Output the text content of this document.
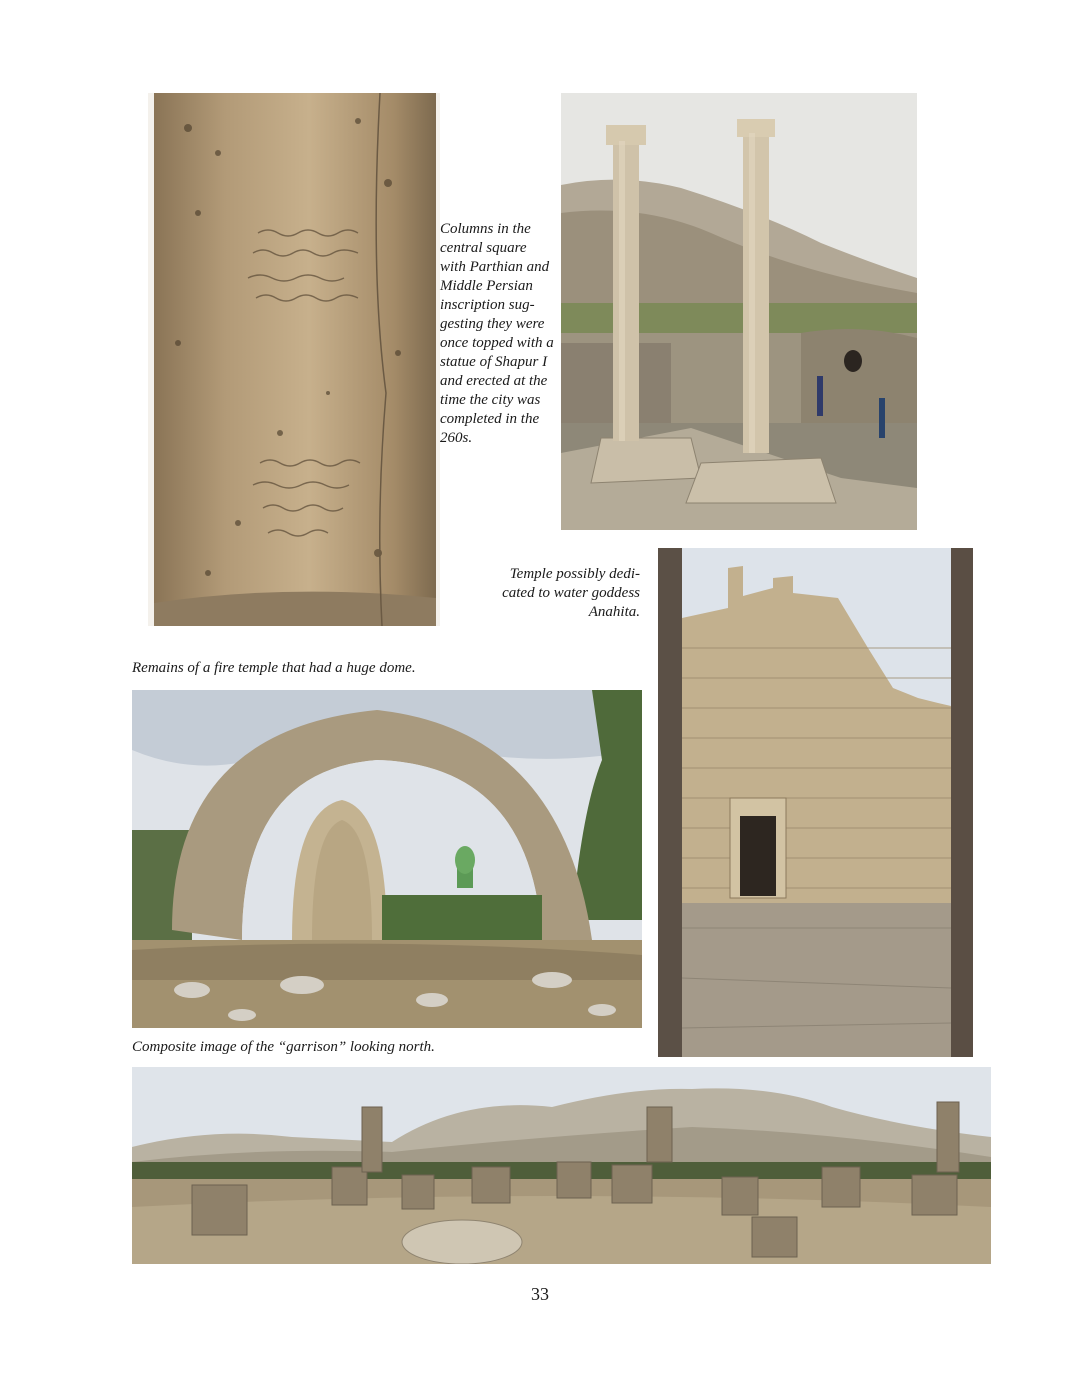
Columns in the
central square
with Parthian and
Middle Persian
inscription sug-
gesting they were
once topped with a
statue of Shapur I
and erected at the
time the city was
completed in the
260s.
Temple possibly dedi-
cated to water goddess
Anahita.
Remains of a fire temple that had a huge dome.
Composite image of the “garrison” looking north.
33
